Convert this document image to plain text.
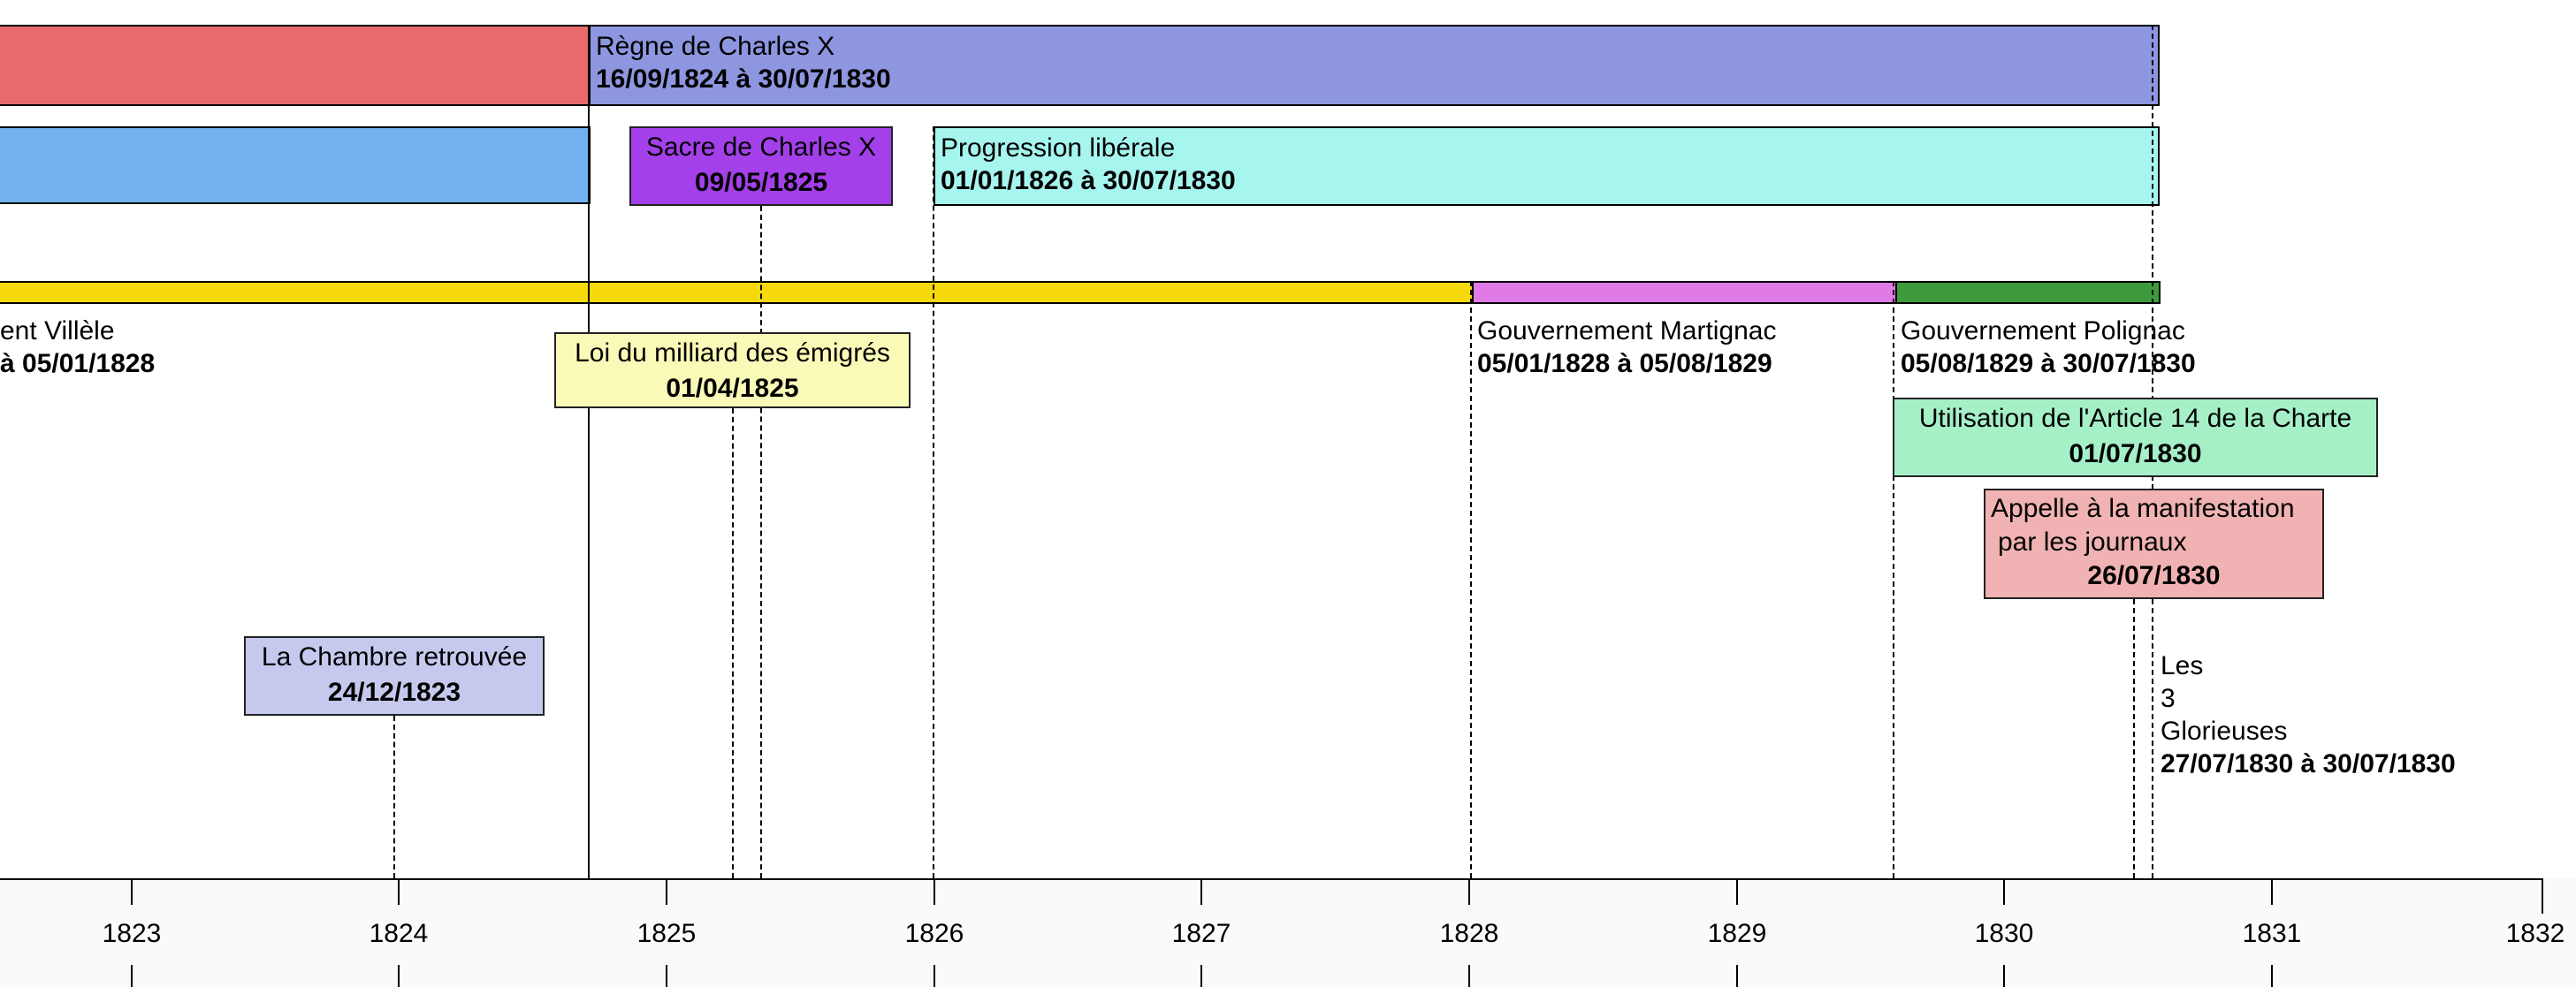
Règne de Charles X
16/09/1824 à 30/07/1830
Progression libérale
01/01/1826 à 30/07/1830
ent Villèle
à 05/01/1828
Gouvernement Martignac
05/01/1828 à 05/08/1829
Gouvernement Polignac
05/08/1829 à 30/07/1830
Sacre de Charles X
09/05/1825
Loi du milliard des émigrés
01/04/1825
La Chambre retrouvée
24/12/1823
Utilisation de l'Article 14 de la Charte
01/07/1830
Appelle à la manifestation
par les journaux
26/07/1830
Les
3
Glorieuses
27/07/1830 à 30/07/1830
1823	1824	1825	1826	1827	1828	1829	1830	1831	1832
